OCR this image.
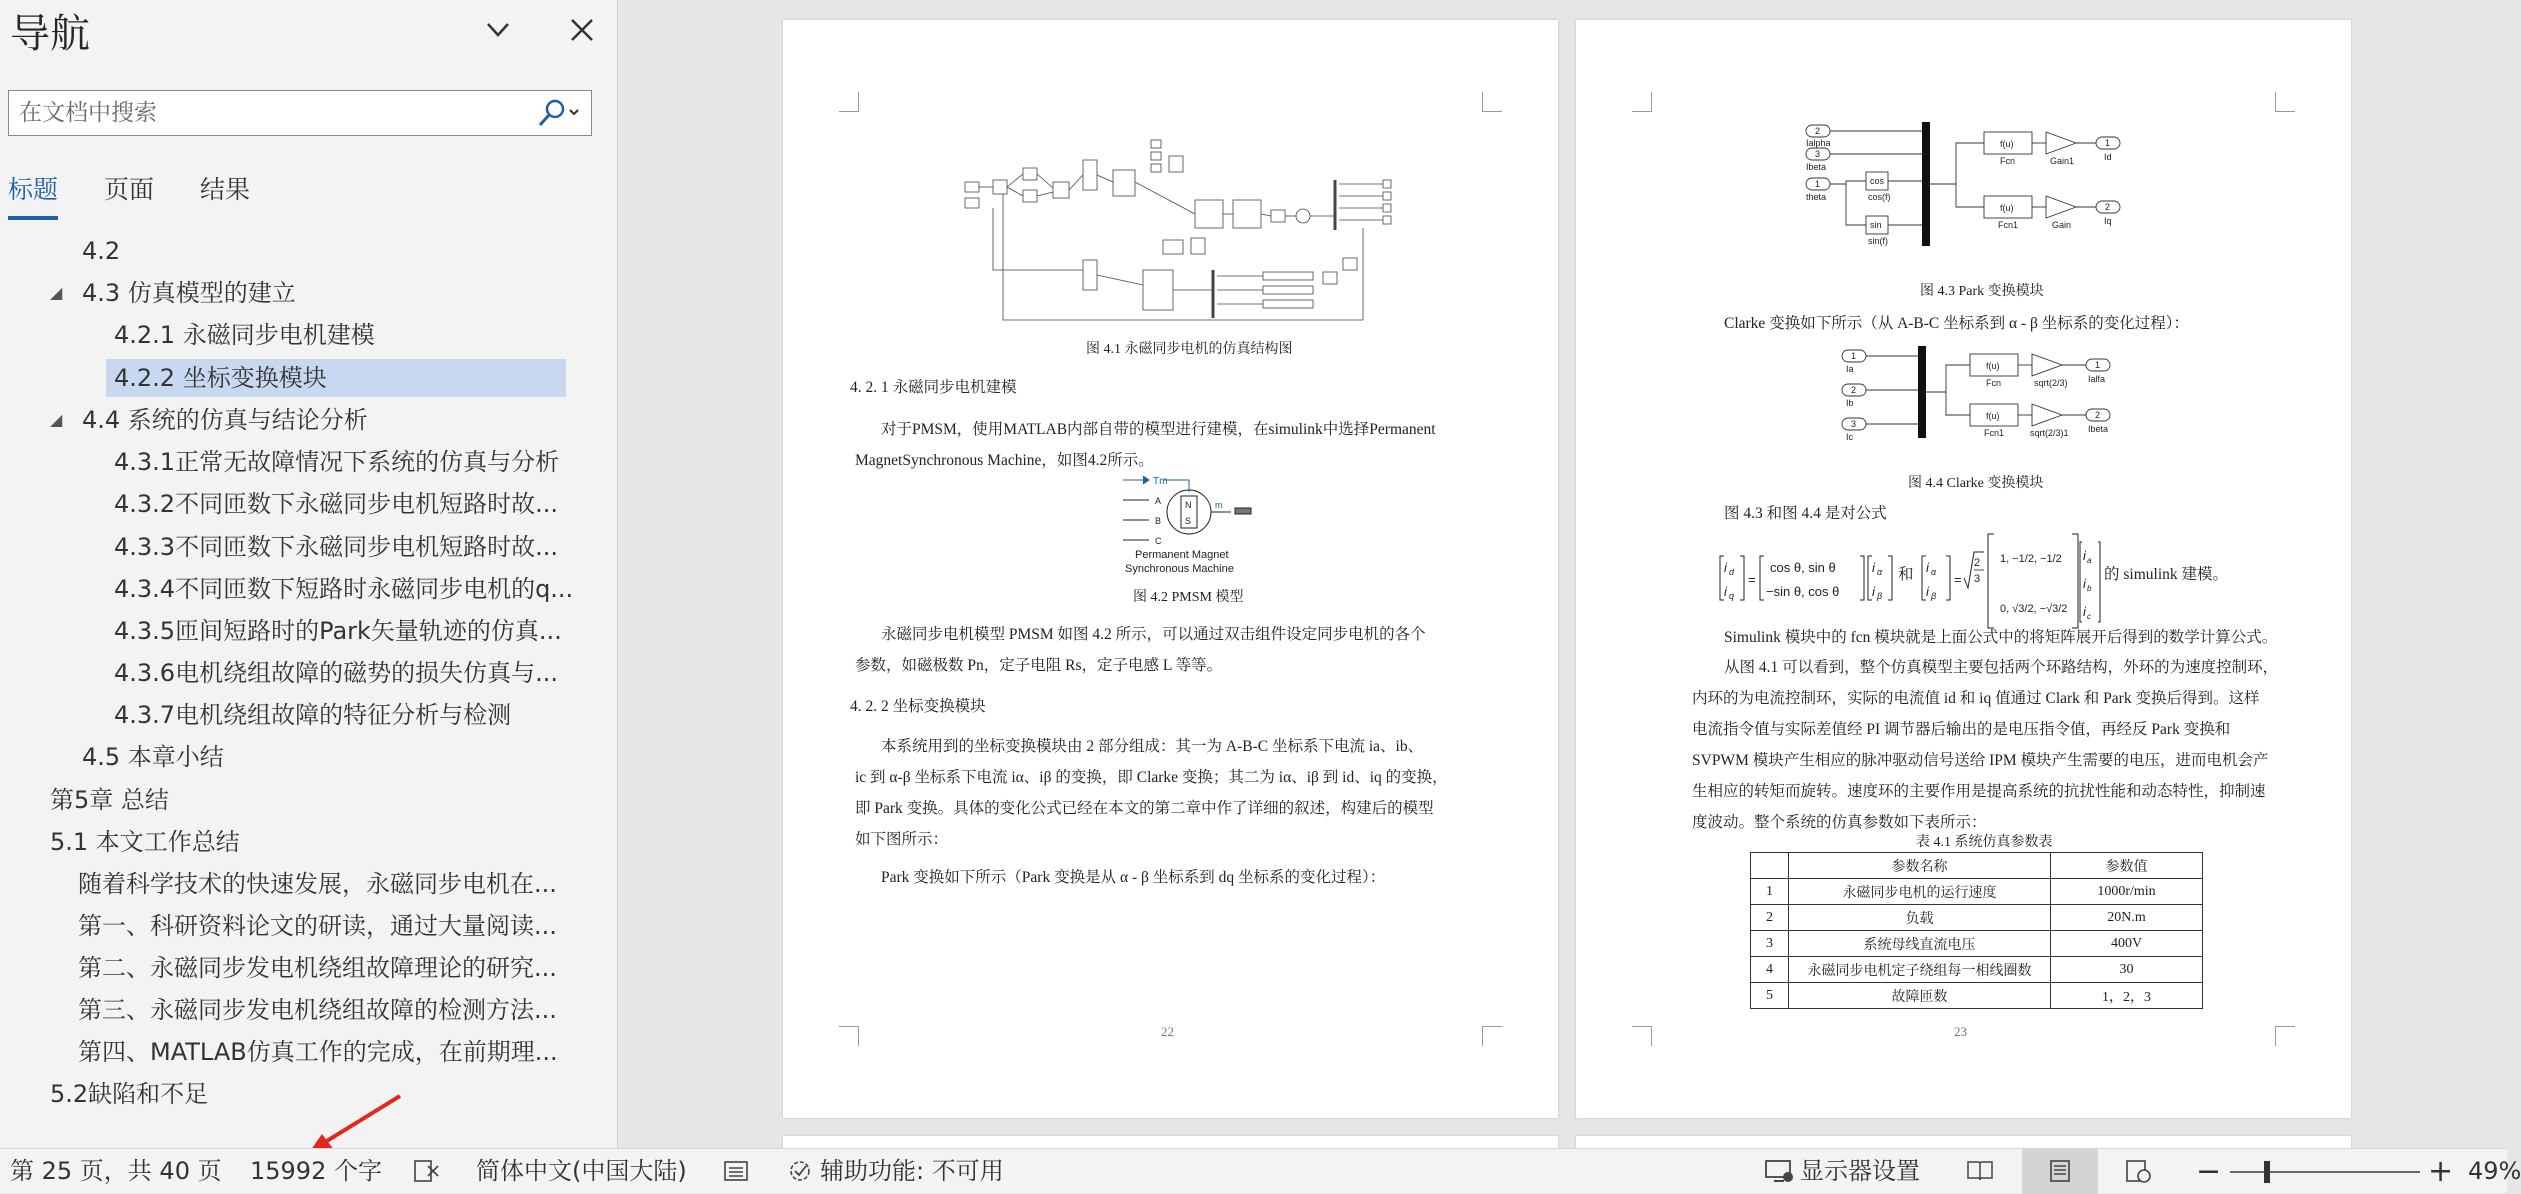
导航
在文档中搜索
标题 页面 结果
4.2
◢ 4.3 仿真模型的建立
4.2.1 永磁同步电机建模
4.2.2 坐标变换模块
◢ 4.4 系统的仿真与结论分析
4.3.1正常无故障情况下系统的仿真与分析
4.3.2不同匝数下永磁同步电机短路时故...
4.3.3不同匝数下永磁同步电机短路时故...
4.3.4不同匝数下短路时永磁同步电机的q...
4.3.5匝间短路时的Park矢量轨迹的仿真...
4.3.6电机绕组故障的磁势的损失仿真与...
4.3.7电机绕组故障的特征分析与检测
4.5 本章小结
第5章 总结
5.1 本文工作总结
随着科学技术的快速发展，永磁同步电机在...
第一、科研资料论文的研读，通过大量阅读...
第二、永磁同步发电机绕组故障理论的研究...
第三、永磁同步发电机绕组故障的检测方法...
第四、MATLAB仿真工作的完成，在前期理...
5.2缺陷和不足
图 4.1 永磁同步电机的仿真结构图
4. 2. 1 永磁同步电机建模
对于PMSM，使用MATLAB内部自带的模型进行建模，在simulink中选择Permanent
MagnetSynchronous Machine，如图4.2所示。
Tm
A
B
C
N
S
m
Permanent Magnet
Synchronous Machine
图 4.2 PMSM 模型
永磁同步电机模型 PMSM 如图 4.2 所示，可以通过双击组件设定同步电机的各个
参数，如磁极数 Pn，定子电阻 Rs，定子电感 L 等等。
4. 2. 2 坐标变换模块
本系统用到的坐标变换模块由 2 部分组成：其一为 A-B-C 坐标系下电流 ia、ib、
ic 到 α-β 坐标系下电流 iα、iβ 的变换，即 Clarke 变换；其二为 iα、iβ 到 id、iq 的变换，
即 Park 变换。具体的变化公式已经在本文的第二章中作了详细的叙述，构建后的模型
如下图所示：
Park 变换如下所示（Park 变换是从 α - β 坐标系到 dq 坐标系的变化过程）：
22
2
3
1
Ialpha
Ibeta
theta
cos
sin
cos(f)
sin(f)
f(u)
f(u)
Fcn
Fcn1
Gain1
Gain
1
2
Id
Iq
图 4.3 Park 变换模块
Clarke 变换如下所示（从 A-B-C 坐标系到 α - β 坐标系的变化过程）：
1
2
3
Ia
Ib
Ic
f(u)
f(u)
Fcn
Fcn1
sqrt(2/3)
sqrt(2/3)1
1
2
Ialfa
Ibeta
图 4.4 Clarke 变换模块
图 4.3 和图 4.4 是对公式
i d
i q
=
cos θ, sin θ
−sin θ, cos θ
i α
i β
i α
i β
=
2
3
1, −1/2, −1/2
0, √3/2, −√3/2
i a
i b
i c
和	的 simulink 建模。
Simulink 模块中的 fcn 模块就是上面公式中的将矩阵展开后得到的数学计算公式。
从图 4.1 可以看到，整个仿真模型主要包括两个环路结构，外环的为速度控制环，
内环的为电流控制环，实际的电流值 id 和 iq 值通过 Clark 和 Park 变换后得到。这样
电流指令值与实际差值经 PI 调节器后输出的是电压指令值，再经反 Park 变换和
SVPWM 模块产生相应的脉冲驱动信号送给 IPM 模块产生需要的电压，进而电机会产
生相应的转矩而旋转。速度环的主要作用是提高系统的抗扰性能和动态特性，抑制速
度波动。整个系统的仿真参数如下表所示：
表 4.1 系统仿真参数表
	参数名称	参数值
1	永磁同步电机的运行速度	1000r/min
2	负载	20N.m
3	系统母线直流电压	400V
4	永磁同步电机定子绕组每一相线圈数	30
5	故障匝数	1，2，3
23
第 25 页，共 40 页 15992 个字	简体中文(中国大陆)	辅助功能: 不可用	显示器设置	−	+ 49%
